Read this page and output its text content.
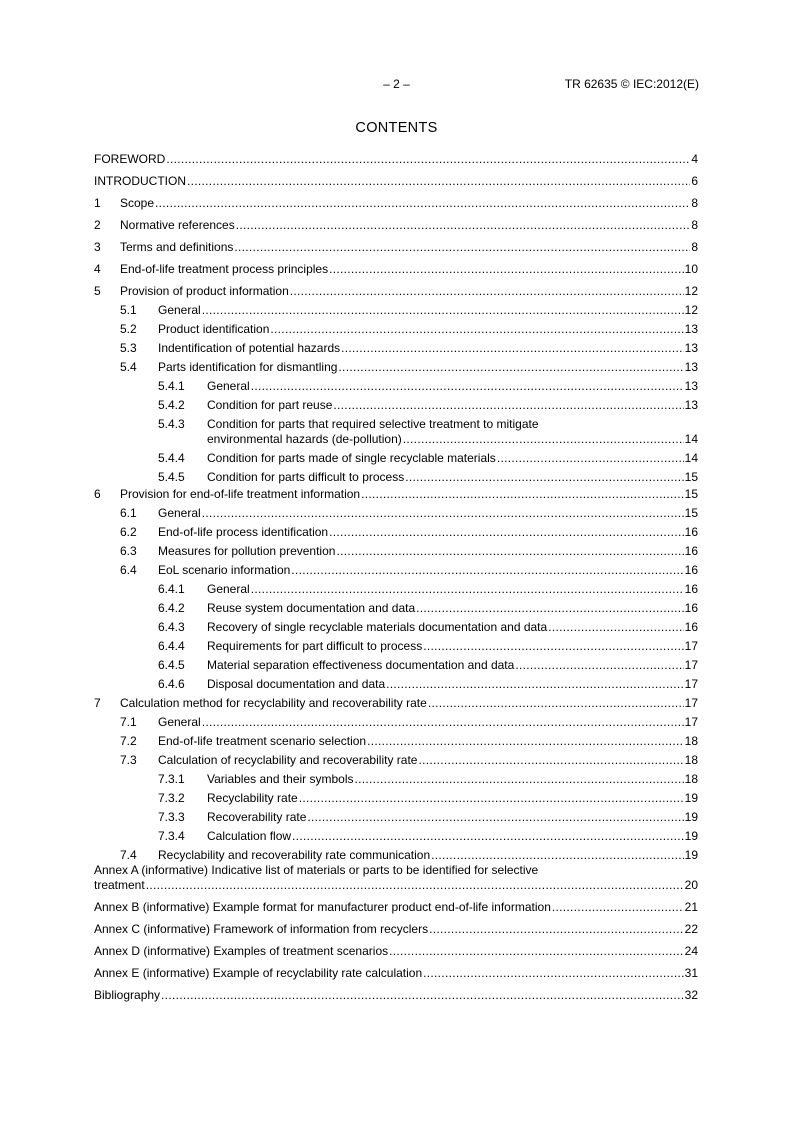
– 2 –	TR 62635 © IEC:2012(E)
CONTENTS
FOREWORD .....	4
INTRODUCTION .....	6
1	Scope .....	8
2	Normative references .....	8
3	Terms and definitions .....	8
4	End-of-life treatment process principles .....	10
5	Provision of product information .....	12
5.1	General .....	12
5.2	Product identification .....	13
5.3	Indentification of potential hazards .....	13
5.4	Parts identification for dismantling .....	13
5.4.1	General .....	13
5.4.2	Condition for part reuse .....	13
5.4.3	Condition for parts that required selective treatment to mitigate
environmental hazards (de-pollution) .....	14
5.4.4	Condition for parts made of single recyclable materials .....	14
5.4.5	Condition for parts difficult to process .....	15
6	Provision for end-of-life treatment information .....	15
6.1	General .....	15
6.2	End-of-life process identification .....	16
6.3	Measures for pollution prevention .....	16
6.4	EoL scenario information .....	16
6.4.1	General .....	16
6.4.2	Reuse system documentation and data .....	16
6.4.3	Recovery of single recyclable materials documentation and data .....	16
6.4.4	Requirements for part difficult to process .....	17
6.4.5	Material separation effectiveness documentation and data .....	17
6.4.6	Disposal documentation and data .....	17
7	Calculation method for recyclability and recoverability rate .....	17
7.1	General .....	17
7.2	End-of-life treatment scenario selection .....	18
7.3	Calculation of recyclability and recoverability rate .....	18
7.3.1	Variables and their symbols .....	18
7.3.2	Recyclability rate .....	19
7.3.3	Recoverability rate .....	19
7.3.4	Calculation flow .....	19
7.4	Recyclability and recoverability rate communication .....	19
Annex A (informative) Indicative list of materials or parts to be identified for selective
treatment .....	20
Annex B (informative) Example format for manufacturer product end-of-life information .....	21
Annex C (informative) Framework of information from recyclers .....	22
Annex D (informative) Examples of treatment scenarios .....	24
Annex E (informative) Example of recyclability rate calculation .....	31
Bibliography .....	32
